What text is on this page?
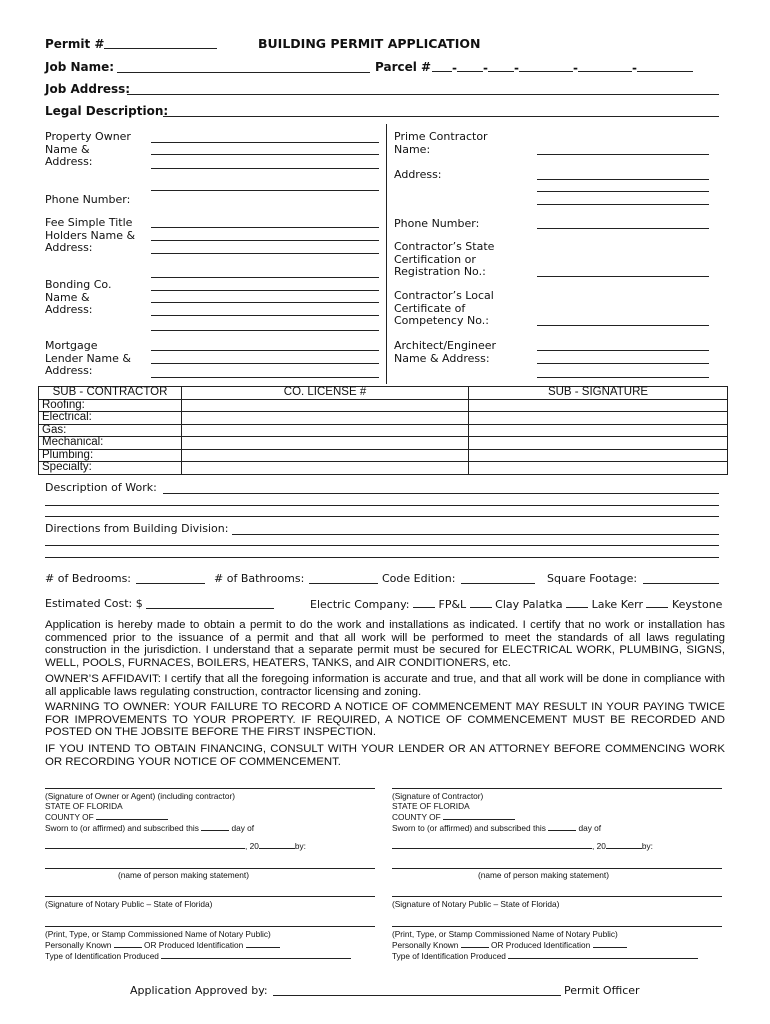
Permit #	BUILDING PERMIT APPLICATION
Job Name:	Parcel #	- - -	-	-
Job Address:
Legal Description:
Property Owner
Name &
Address:
Phone Number:
Fee Simple Title
Holders Name &
Address:
Bonding Co.
Name &
Address:
Mortgage
Lender Name &
Address:
Prime Contractor
Name:
Address:
Phone Number:
Contractor’s State
Certification or
Registration No.:
Contractor’s Local
Certificate of
Competency No.:
Architect/Engineer
Name & Address:
SUB - CONTRACTOR	CO. LICENSE #	SUB - SIGNATURE
Roofing:		
Electrical:		
Gas:		
Mechanical:		
Plumbing:		
Specialty:		
Description of Work:
Directions from Building Division:
# of Bedrooms:	# of Bathrooms:	Code Edition:	Square Footage:
Estimated Cost: $	Electric Company:	FP&L	Clay Palatka	Lake Kerr	Keystone
Application is hereby made to obtain a permit to do the work and installations as indicated. I certify that no work or installation has commenced prior to the issuance of a permit and that all work will be performed to meet the standards of all laws regulating construction in the jurisdiction. I understand that a separate permit must be secured for ELECTRICAL WORK, PLUMBING, SIGNS, WELL, POOLS, FURNACES, BOILERS, HEATERS, TANKS, and AIR CONDITIONERS, etc.
OWNER’S AFFIDAVIT: I certify that all the foregoing information is accurate and true, and that all work will be done in compliance with all applicable laws regulating construction, contractor licensing and zoning.
WARNING TO OWNER: YOUR FAILURE TO RECORD A NOTICE OF COMMENCEMENT MAY RESULT IN YOUR PAYING TWICE FOR IMPROVEMENTS TO YOUR PROPERTY. IF REQUIRED, A NOTICE OF COMMENCEMENT MUST BE RECORDED AND POSTED ON THE JOBSITE BEFORE THE FIRST INSPECTION.
IF YOU INTEND TO OBTAIN FINANCING, CONSULT WITH YOUR LENDER OR AN ATTORNEY BEFORE COMMENCING WORK OR RECORDING YOUR NOTICE OF COMMENCEMENT.
(Signature of Owner or Agent) (including contractor)
STATE OF FLORIDA
COUNTY OF
Sworn to (or affirmed) and subscribed this	day of
, 20	by:
(name of person making statement)
(Signature of Notary Public – State of Florida)
(Print, Type, or Stamp Commissioned Name of Notary Public)
Personally Known	OR Produced Identification
Type of Identification Produced
(Signature of Contractor)
STATE OF FLORIDA
COUNTY OF
Sworn to (or affirmed) and subscribed this	day of
, 20	by:
(name of person making statement)
(Signature of Notary Public – State of Florida)
(Print, Type, or Stamp Commissioned Name of Notary Public)
Personally Known	OR Produced Identification
Type of Identification Produced
Application Approved by:	Permit Officer
